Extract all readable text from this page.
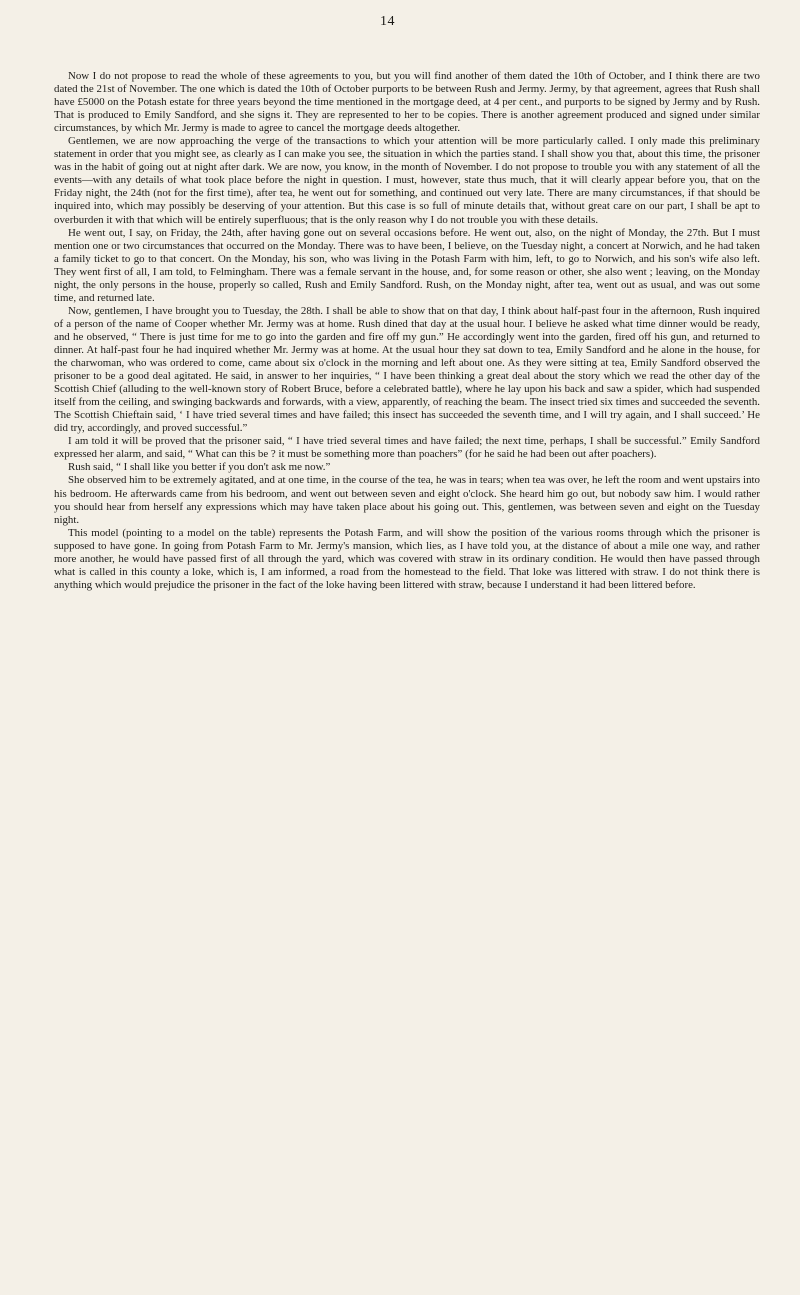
14

Now I do not propose to read the whole of these agreements to you, but you will find another of them dated the 10th of October, and I think there are two dated the 21st of November. The one which is dated the 10th of October purports to be between Rush and Jermy. Jermy, by that agreement, agrees that Rush shall have £5000 on the Potash estate for three years beyond the time mentioned in the mortgage deed, at 4 per cent., and purports to be signed by Jermy and by Rush. That is produced to Emily Sandford, and she signs it. They are represented to her to be copies. There is another agreement produced and signed under similar circumstances, by which Mr. Jermy is made to agree to cancel the mortgage deeds altogether.

Gentlemen, we are now approaching the verge of the transactions to which your attention will be more particularly called. I only made this preliminary statement in order that you might see, as clearly as I can make you see, the situation in which the parties stand. I shall show you that, about this time, the prisoner was in the habit of going out at night after dark. We are now, you know, in the month of November. I do not propose to trouble you with any statement of all the events—with any details of what took place before the night in question. I must, however, state thus much, that it will clearly appear before you, that on the Friday night, the 24th (not for the first time), after tea, he went out for something, and continued out very late. There are many circumstances, if that should be inquired into, which may possibly be deserving of your attention. But this case is so full of minute details that, without great care on our part, I shall be apt to overburden it with that which will be entirely superfluous; that is the only reason why I do not trouble you with these details.

He went out, I say, on Friday, the 24th, after having gone out on several occasions before. He went out, also, on the night of Monday, the 27th. But I must mention one or two circumstances that occurred on the Monday. There was to have been, I believe, on the Tuesday night, a concert at Norwich, and he had taken a family ticket to go to that concert. On the Monday, his son, who was living in the Potash Farm with him, left, to go to Norwich, and his son's wife also left. They went first of all, I am told, to Felmingham. There was a female servant in the house, and, for some reason or other, she also went ; leaving, on the Monday night, the only persons in the house, properly so called, Rush and Emily Sandford. Rush, on the Monday night, after tea, went out as usual, and was out some time, and returned late.

Now, gentlemen, I have brought you to Tuesday, the 28th. I shall be able to show that on that day, I think about half-past four in the afternoon, Rush inquired of a person of the name of Cooper whether Mr. Jermy was at home. Rush dined that day at the usual hour. I believe he asked what time dinner would be ready, and he observed, “ There is just time for me to go into the garden and fire off my gun.” He accordingly went into the garden, fired off his gun, and returned to dinner. At half-past four he had inquired whether Mr. Jermy was at home. At the usual hour they sat down to tea, Emily Sandford and he alone in the house, for the charwoman, who was ordered to come, came about six o'clock in the morning and left about one. As they were sitting at tea, Emily Sandford observed the prisoner to be a good deal agitated. He said, in answer to her inquiries, “ I have been thinking a great deal about the story which we read the other day of the Scottish Chief (alluding to the well-known story of Robert Bruce, before a celebrated battle), where he lay upon his back and saw a spider, which had suspended itself from the ceiling, and swinging backwards and forwards, with a view, apparently, of reaching the beam. The insect tried six times and succeeded the seventh. The Scottish Chieftain said, ‘ I have tried several times and have failed; this insect has succeeded the seventh time, and I will try again, and I shall succeed.’ He did try, accordingly, and proved successful.”

I am told it will be proved that the prisoner said, “ I have tried several times and have failed; the next time, perhaps, I shall be successful.” Emily Sandford expressed her alarm, and said, “ What can this be ? it must be something more than poachers” (for he said he had been out after poachers).

Rush said, “ I shall like you better if you don't ask me now.”

She observed him to be extremely agitated, and at one time, in the course of the tea, he was in tears; when tea was over, he left the room and went upstairs into his bedroom. He afterwards came from his bedroom, and went out between seven and eight o'clock. She heard him go out, but nobody saw him. I would rather you should hear from herself any expressions which may have taken place about his going out. This, gentlemen, was between seven and eight on the Tuesday night.

This model (pointing to a model on the table) represents the Potash Farm, and will show the position of the various rooms through which the prisoner is supposed to have gone. In going from Potash Farm to Mr. Jermy's mansion, which lies, as I have told you, at the distance of about a mile one way, and rather more another, he would have passed first of all through the yard, which was covered with straw in its ordinary condition. He would then have passed through what is called in this county a loke, which is, I am informed, a road from the homestead to the field. That loke was littered with straw. I do not think there is anything which would prejudice the prisoner in the fact of the loke having been littered with straw, because I understand it had been littered before.
